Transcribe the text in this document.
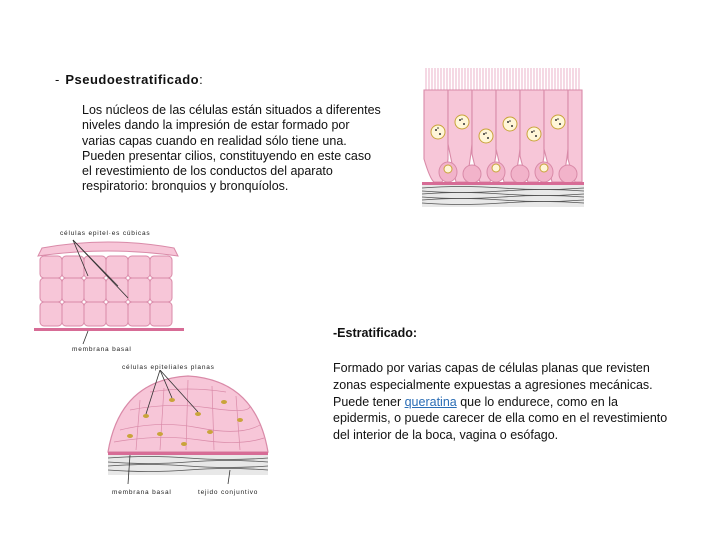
- Pseudoestratificado:
Los núcleos de las células están situados a diferentes niveles dando la impresión de estar formado por varias capas cuando en realidad sólo tiene una. Pueden presentar cilios, constituyendo en este caso el revestimiento de los conductos del aparato respiratorio: bronquios y bronquíolos.
células epitel·es cúbicas
membrana basal
-Estratificado:
Formado por varias capas de células planas que revisten zonas especialmente expuestas a agresiones mecánicas. Puede tener queratina que lo endurece, como en la epidermis, o puede carecer de ella como en el revestimiento del interior de la boca, vagina o esófago.
células epiteliales planas
membrana basal	tejido conjuntivo
